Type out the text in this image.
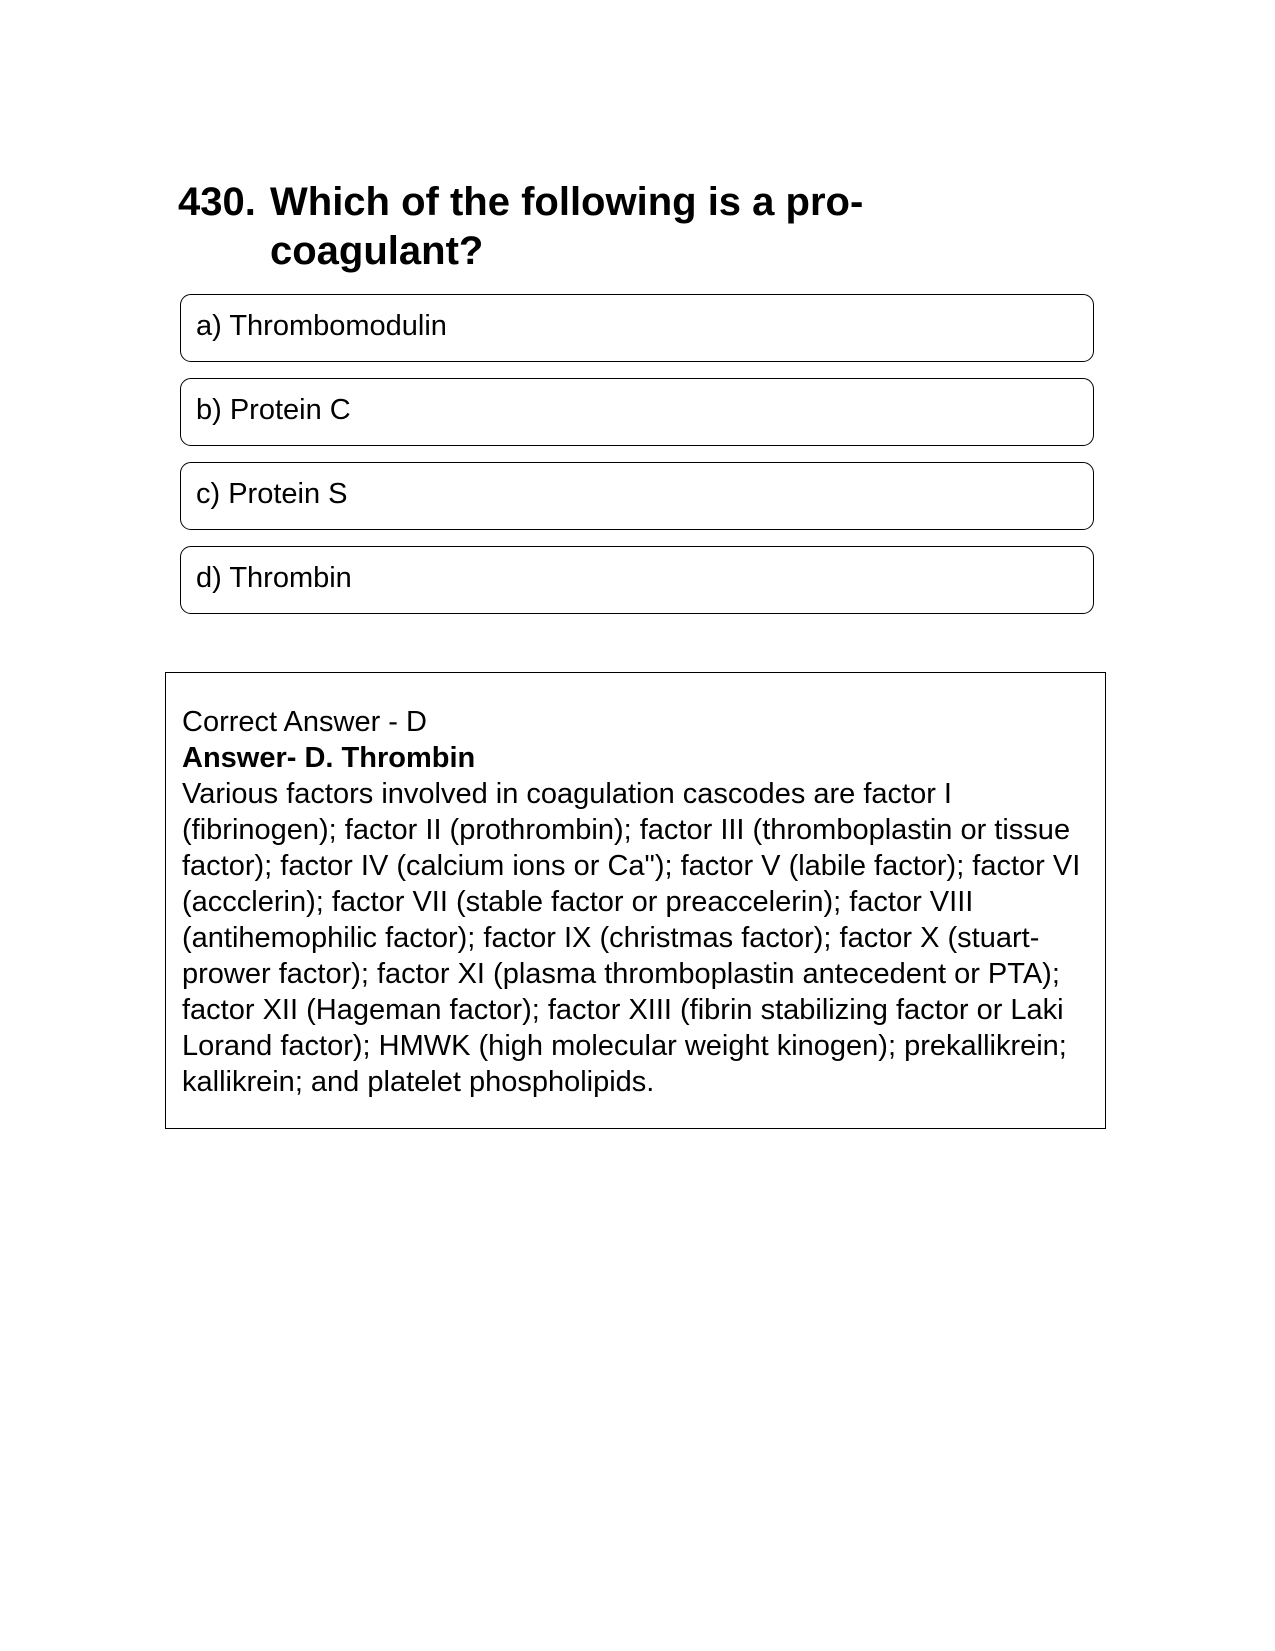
430. Which of the following is a pro-coagulant?
a) Thrombomodulin
b) Protein C
c) Protein S
d) Thrombin
Correct Answer - D
Answer- D. Thrombin
Various factors involved in coagulation cascodes are factor I (fibrinogen); factor II (prothrombin); factor III (thromboplastin or tissue factor); factor IV (calcium ions or Ca"); factor V (labile factor); factor VI (accclerin); factor VII (stable factor or preaccelerin); factor VIII (antihemophilic factor); factor IX (christmas factor); factor X (stuart-prower factor); factor XI (plasma thromboplastin antecedent or PTA); factor XII (Hageman factor); factor XIII (fibrin stabilizing factor or Laki Lorand factor); HMWK (high molecular weight kinogen); prekallikrein; kallikrein; and platelet phospholipids.
